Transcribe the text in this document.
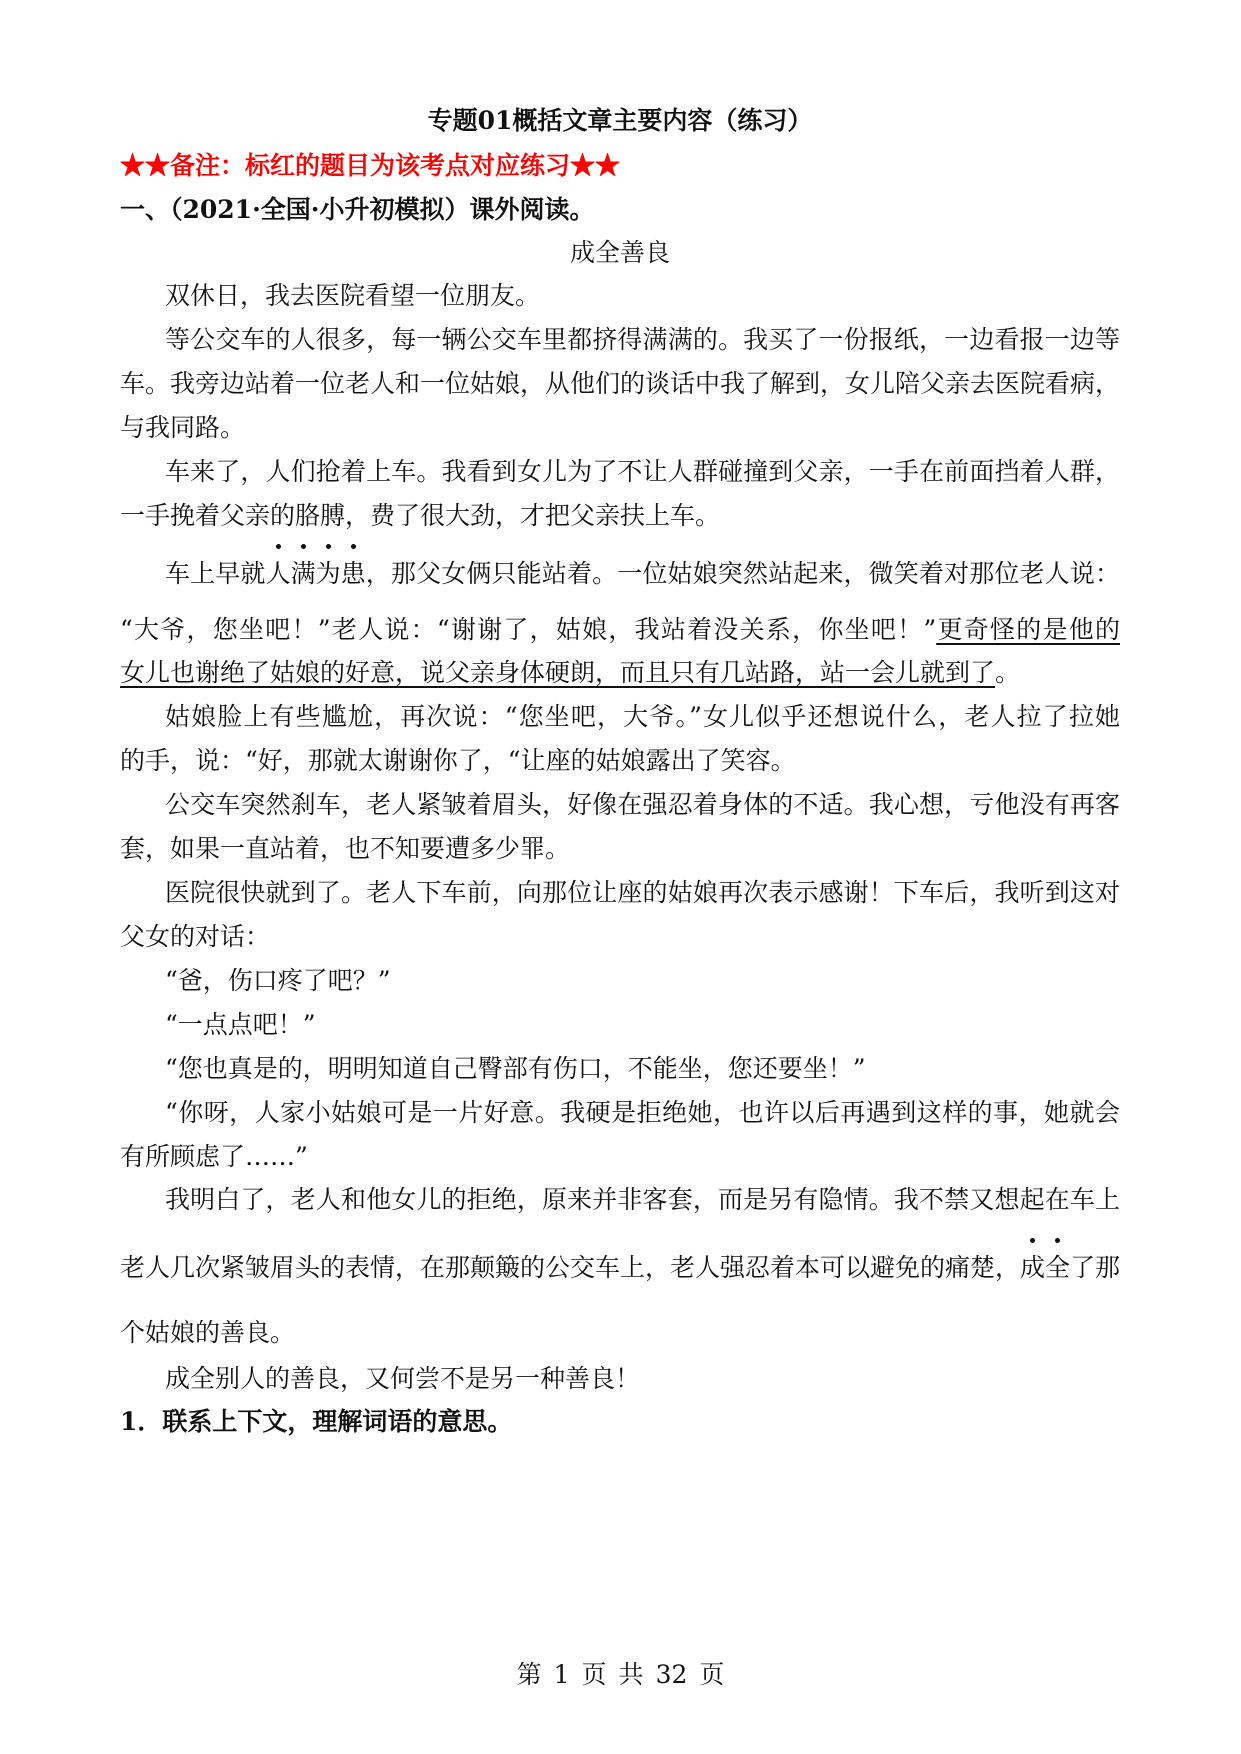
专题01概括文章主要内容（练习）
★★备注：标红的题目为该考点对应练习★★
一、（2021·全国·小升初模拟）课外阅读。
成全善良
双休日，我去医院看望一位朋友。
等公交车的人很多，每一辆公交车里都挤得满满的。我买了一份报纸，一边看报一边等
车。我旁边站着一位老人和一位姑娘，从他们的谈话中我了解到，女儿陪父亲去医院看病，
与我同路。
车来了，人们抢着上车。我看到女儿为了不让人群碰撞到父亲，一手在前面挡着人群，
一手挽着父亲的胳膊，费了很大劲，才把父亲扶上车。
车上早就人满为患，那父女俩只能站着。一位姑娘突然站起来，微笑着对那位老人说：
“大爷，您坐吧！”老人说：“谢谢了，姑娘，我站着没关系，你坐吧！”更奇怪的是他的
女儿也谢绝了姑娘的好意，说父亲身体硬朗，而且只有几站路，站一会儿就到了。
姑娘脸上有些尴尬，再次说：“您坐吧，大爷。”女儿似乎还想说什么，老人拉了拉她
的手，说：“好，那就太谢谢你了，“让座的姑娘露出了笑容。
公交车突然刹车，老人紧皱着眉头，好像在强忍着身体的不适。我心想，亏他没有再客
套，如果一直站着，也不知要遭多少罪。
医院很快就到了。老人下车前，向那位让座的姑娘再次表示感谢！下车后，我听到这对
父女的对话：
“爸，伤口疼了吧？”
“一点点吧！”
“您也真是的，明明知道自己臀部有伤口，不能坐，您还要坐！”
“你呀，人家小姑娘可是一片好意。我硬是拒绝她，也许以后再遇到这样的事，她就会
有所顾虑了……”
我明白了，老人和他女儿的拒绝，原来并非客套，而是另有隐情。我不禁又想起在车上
老人几次紧皱眉头的表情，在那颠簸的公交车上，老人强忍着本可以避免的痛楚，成全了那
个姑娘的善良。
成全别人的善良，又何尝不是另一种善良！
1．联系上下文，理解词语的意思。
第 1 页 共 32 页
